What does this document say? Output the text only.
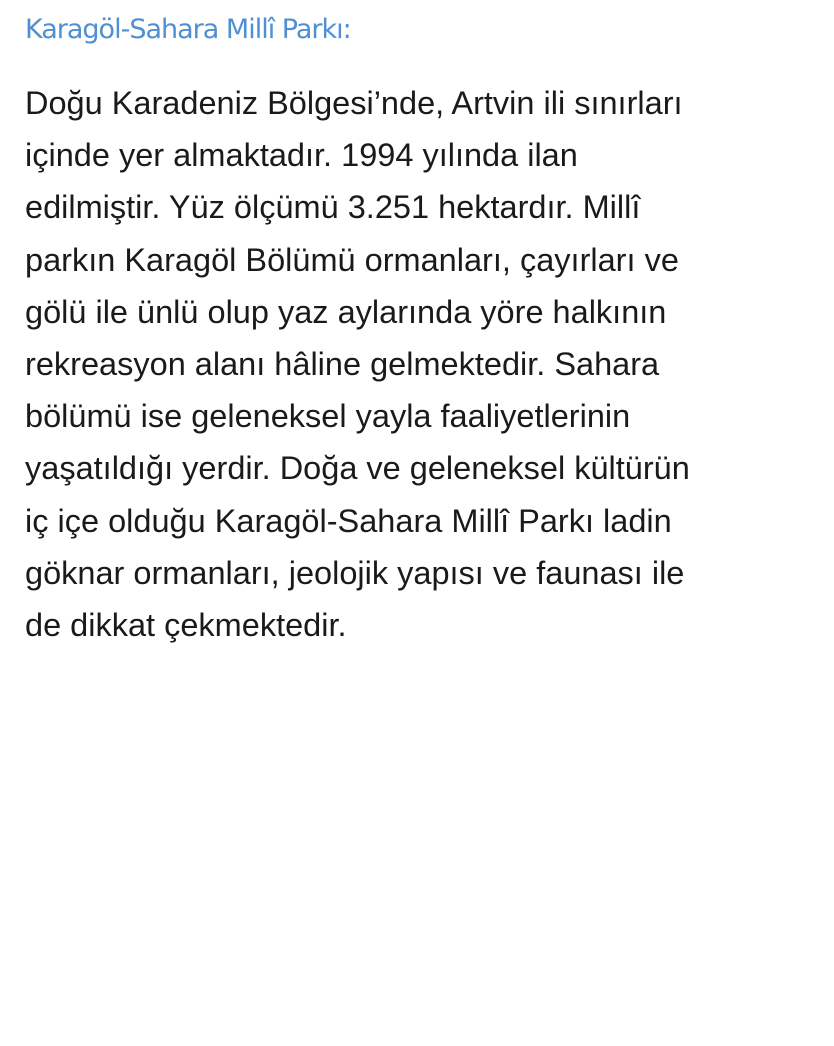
Karagöl-Sahara Millî Parkı:

Doğu Karadeniz Bölgesi’nde, Artvin ili sınırları
içinde yer almaktadır. 1994 yılında ilan
edilmiştir. Yüz ölçümü 3.251 hektardır. Millî
parkın Karagöl Bölümü ormanları, çayırları ve
gölü ile ünlü olup yaz aylarında yöre halkının
rekreasyon alanı hâline gelmektedir. Sahara
bölümü ise geleneksel yayla faaliyetlerinin
yaşatıldığı yerdir. Doğa ve geleneksel kültürün
iç içe olduğu Karagöl-Sahara Millî Parkı ladin
göknar ormanları, jeolojik yapısı ve faunası ile
de dikkat çekmektedir.
